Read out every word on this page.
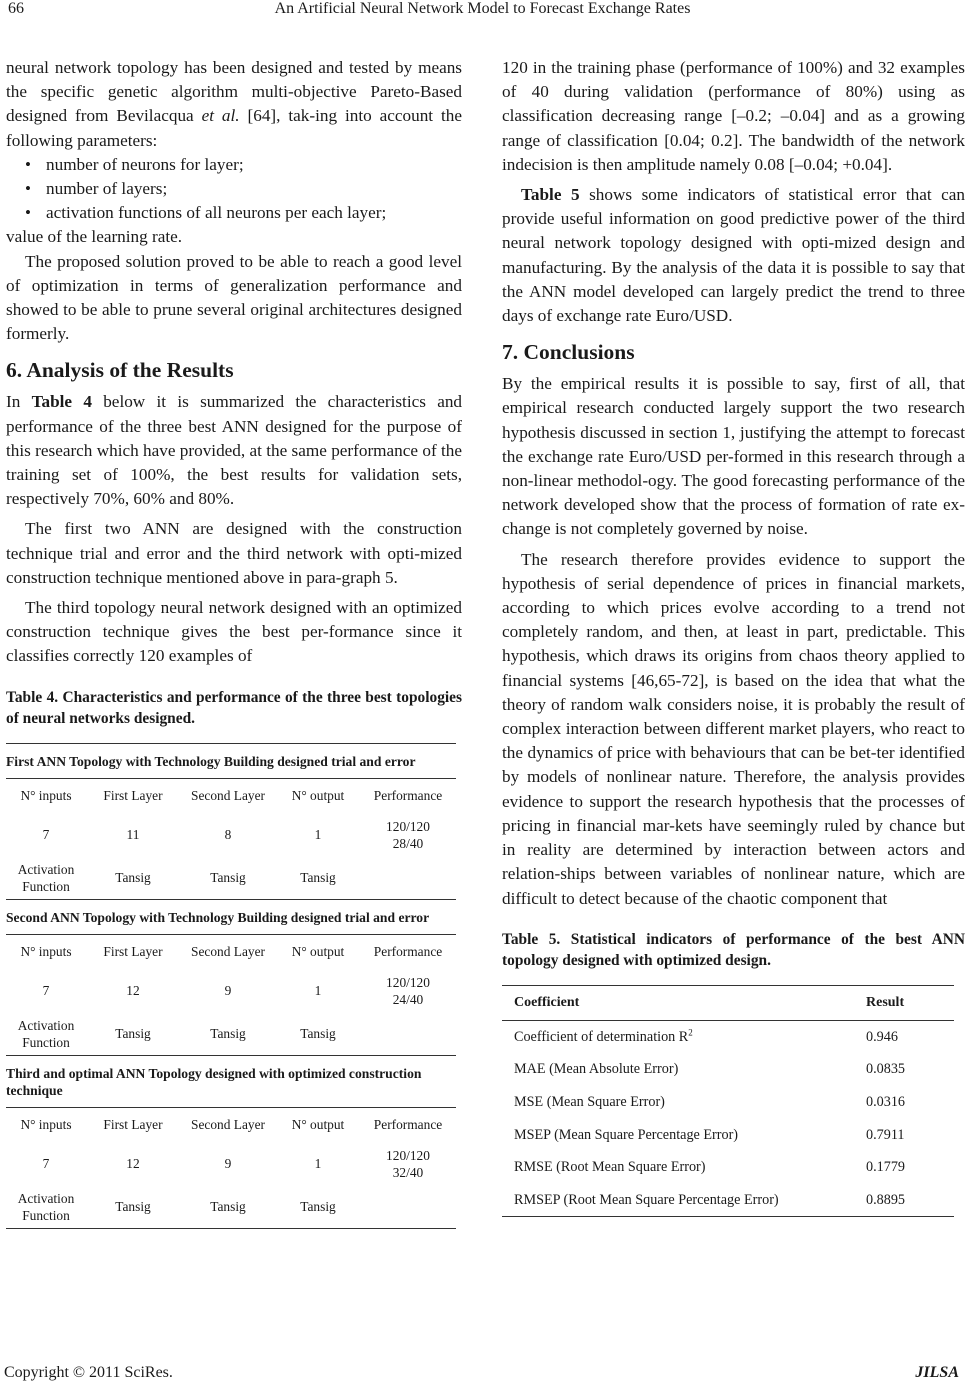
An Artificial Neural Network Model to Forecast Exchange Rates
66

neural network topology has been designed and tested by means the specific genetic algorithm multi-objective Pareto-Based designed from Bevilacqua et al. [64], tak-ing into account the following parameters:

• number of neurons for layer;
• number of layers;
• activation functions of all neurons per each layer;

value of the learning rate.

The proposed solution proved to be able to reach a good level of optimization in terms of generalization performance and showed to be able to prune several original architectures designed formerly.

6. Analysis of the Results

In Table 4 below it is summarized the characteristics and performance of the three best ANN designed for the purpose of this research which have provided, at the same performance of the training set of 100%, the best results for validation sets, respectively 70%, 60% and 80%.

The first two ANN are designed with the construction technique trial and error and the third network with opti-mized construction technique mentioned above in para-graph 5.

The third topology neural network designed with an optimized construction technique gives the best per-formance since it classifies correctly 120 examples of

Table 4. Characteristics and performance of the three best topologies of neural networks designed.
First ANN Topology with Technology Building designed trial and error				
N° inputs	First Layer	Second Layer	N° output	Performance
7	11	8	1	120/120
28/40

Activation Function	Tansig	Tansig	Tansig	
Second ANN Topology with Technology Building designed trial and error				
N° inputs	First Layer	Second Layer	N° output	Performance
7	12	9	1	120/120
24/40

Activation Function	Tansig	Tansig	Tansig	
Third and optimal ANN Topology designed with optimized construction technique				
N° inputs	First Layer	Second Layer	N° output	Performance
7	12	9	1	120/120
32/40

Activation Function	Tansig	Tansig	Tansig	

120 in the training phase (performance of 100%) and 32 examples of 40 during validation (performance of 80%) using as classification decreasing range [–0.2; –0.04] and as a growing range of classification [0.04; 0.2]. The bandwidth of the network indecision is then amplitude namely 0.08 [–0.04; +0.04].

Table 5 shows some indicators of statistical error that can provide useful information on good predictive power of the third neural network topology designed with opti-mized design and manufacturing. By the analysis of the data it is possible to say that the ANN model developed can largely predict the trend to three days of exchange rate Euro/USD.

7. Conclusions

By the empirical results it is possible to say, first of all, that empirical research conducted largely support the two research hypothesis discussed in section 1, justifying the attempt to forecast the exchange rate Euro/USD per-formed in this research through a non-linear methodol-ogy. The good forecasting performance of the network developed show that the process of formation of rate ex-change is not completely governed by noise.

The research therefore provides evidence to support the hypothesis of serial dependence of prices in financial markets, according to which prices evolve according to a trend not completely random, and then, at least in part, predictable. This hypothesis, which draws its origins from chaos theory applied to financial systems [46,65-72], is based on the idea that what the theory of random walk considers noise, it is probably the result of complex interaction between different market players, who react to the dynamics of price with behaviours that can be bet-ter identified by models of nonlinear nature. Therefore, the analysis provides evidence to support the research hypothesis that the processes of pricing in financial mar-kets have seemingly ruled by chance but in reality are determined by interaction between actors and relation-ships between variables of nonlinear nature, which are difficult to detect because of the chaotic component that

Table 5. Statistical indicators of performance of the best ANN topology designed with optimized design.
Coefficient	Result
Coefficient of determination $R^2$	0.946
MAE (Mean Absolute Error)	0.0835
MSE (Mean Square Error)	0.0316
MSEP (Mean Square Percentage Error)	0.7911
RMSE (Root Mean Square Error)	0.1779
RMSEP (Root Mean Square Percentage Error)	0.8895
Copyright © 2011 SciRes.	JILSA
